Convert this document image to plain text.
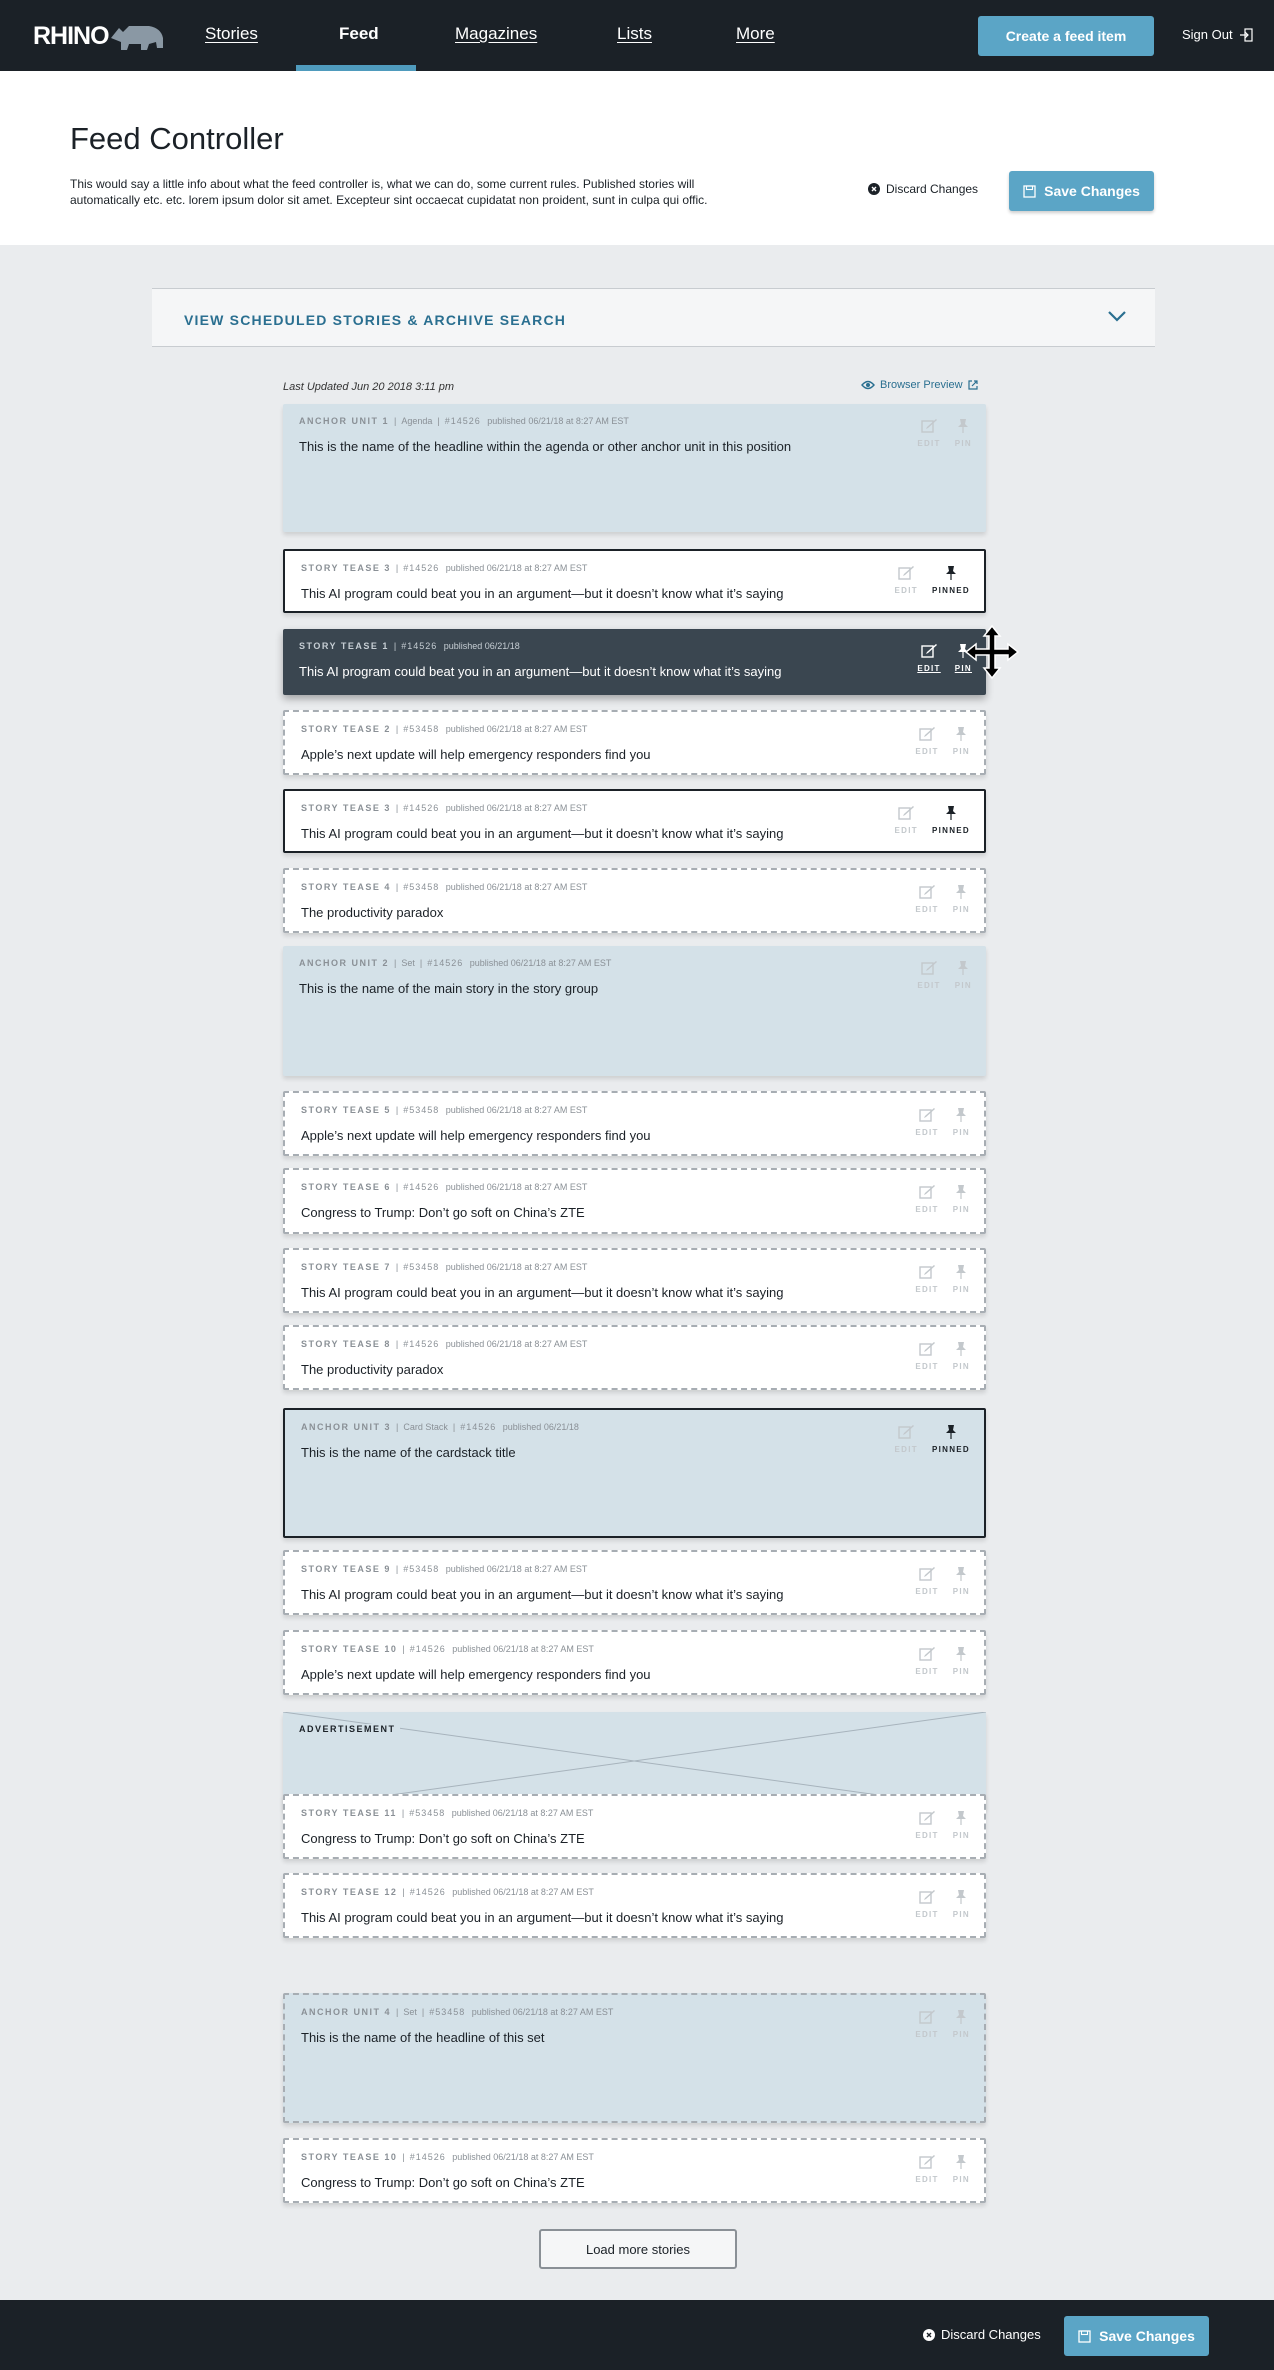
RHINO	Stories	Feed	Magazines	Lists	More	Create a feed item	Sign Out
Feed Controller

This would say a little info about what the feed controller is, what we can do, some current rules. Published stories will automatically etc. etc. lorem ipsum dolor sit amet. Excepteur sint occaecat cupidatat non proident, sunt in culpa qui offic.

Discard Changes	Save Changes
VIEW SCHEDULED STORIES & ARCHIVE SEARCH
Last Updated Jun 20 2018 3:11 pm	Browser Preview
ANCHOR UNIT 1 | Agenda | #14526 published 06/21/18 at 8:27 AM EST
This is the name of the headline within the agenda or other anchor unit in this position	EDIT PIN
STORY TEASE 3 | #14526 published 06/21/18 at 8:27 AM EST
This AI program could beat you in an argument—but it doesn’t know what it’s saying	EDIT PINNED
STORY TEASE 1 | #14526 published 06/21/18
This AI program could beat you in an argument—but it doesn’t know what it’s saying	EDIT PIN
STORY TEASE 2 | #53458 published 06/21/18 at 8:27 AM EST
Apple’s next update will help emergency responders find you	EDIT PIN
STORY TEASE 3 | #14526 published 06/21/18 at 8:27 AM EST
This AI program could beat you in an argument—but it doesn’t know what it’s saying	EDIT PINNED
STORY TEASE 4 | #53458 published 06/21/18 at 8:27 AM EST
The productivity paradox	EDIT PIN
ANCHOR UNIT 2 | Set | #14526 published 06/21/18 at 8:27 AM EST
This is the name of the main story in the story group	EDIT PIN
STORY TEASE 5 | #53458 published 06/21/18 at 8:27 AM EST
Apple’s next update will help emergency responders find you	EDIT PIN
STORY TEASE 6 | #14526 published 06/21/18 at 8:27 AM EST
Congress to Trump: Don’t go soft on China’s ZTE	EDIT PIN
STORY TEASE 7 | #53458 published 06/21/18 at 8:27 AM EST
This AI program could beat you in an argument—but it doesn’t know what it’s saying	EDIT PIN
STORY TEASE 8 | #14526 published 06/21/18 at 8:27 AM EST
The productivity paradox	EDIT PIN
ANCHOR UNIT 3 | Card Stack | #14526 published 06/21/18
This is the name of the cardstack title	EDIT PINNED
STORY TEASE 9 | #53458 published 06/21/18 at 8:27 AM EST
This AI program could beat you in an argument—but it doesn’t know what it’s saying	EDIT PIN
STORY TEASE 10 | #14526 published 06/21/18 at 8:27 AM EST
Apple’s next update will help emergency responders find you	EDIT PIN
ADVERTISEMENT
STORY TEASE 11 | #53458 published 06/21/18 at 8:27 AM EST
Congress to Trump: Don’t go soft on China’s ZTE	EDIT PIN
STORY TEASE 12 | #14526 published 06/21/18 at 8:27 AM EST
This AI program could beat you in an argument—but it doesn’t know what it’s saying	EDIT PIN
ANCHOR UNIT 4 | Set | #53458 published 06/21/18 at 8:27 AM EST
This is the name of the headline of this set	EDIT PIN
STORY TEASE 10 | #14526 published 06/21/18 at 8:27 AM EST
Congress to Trump: Don’t go soft on China’s ZTE	EDIT PIN
Load more stories
Discard Changes	Save Changes
